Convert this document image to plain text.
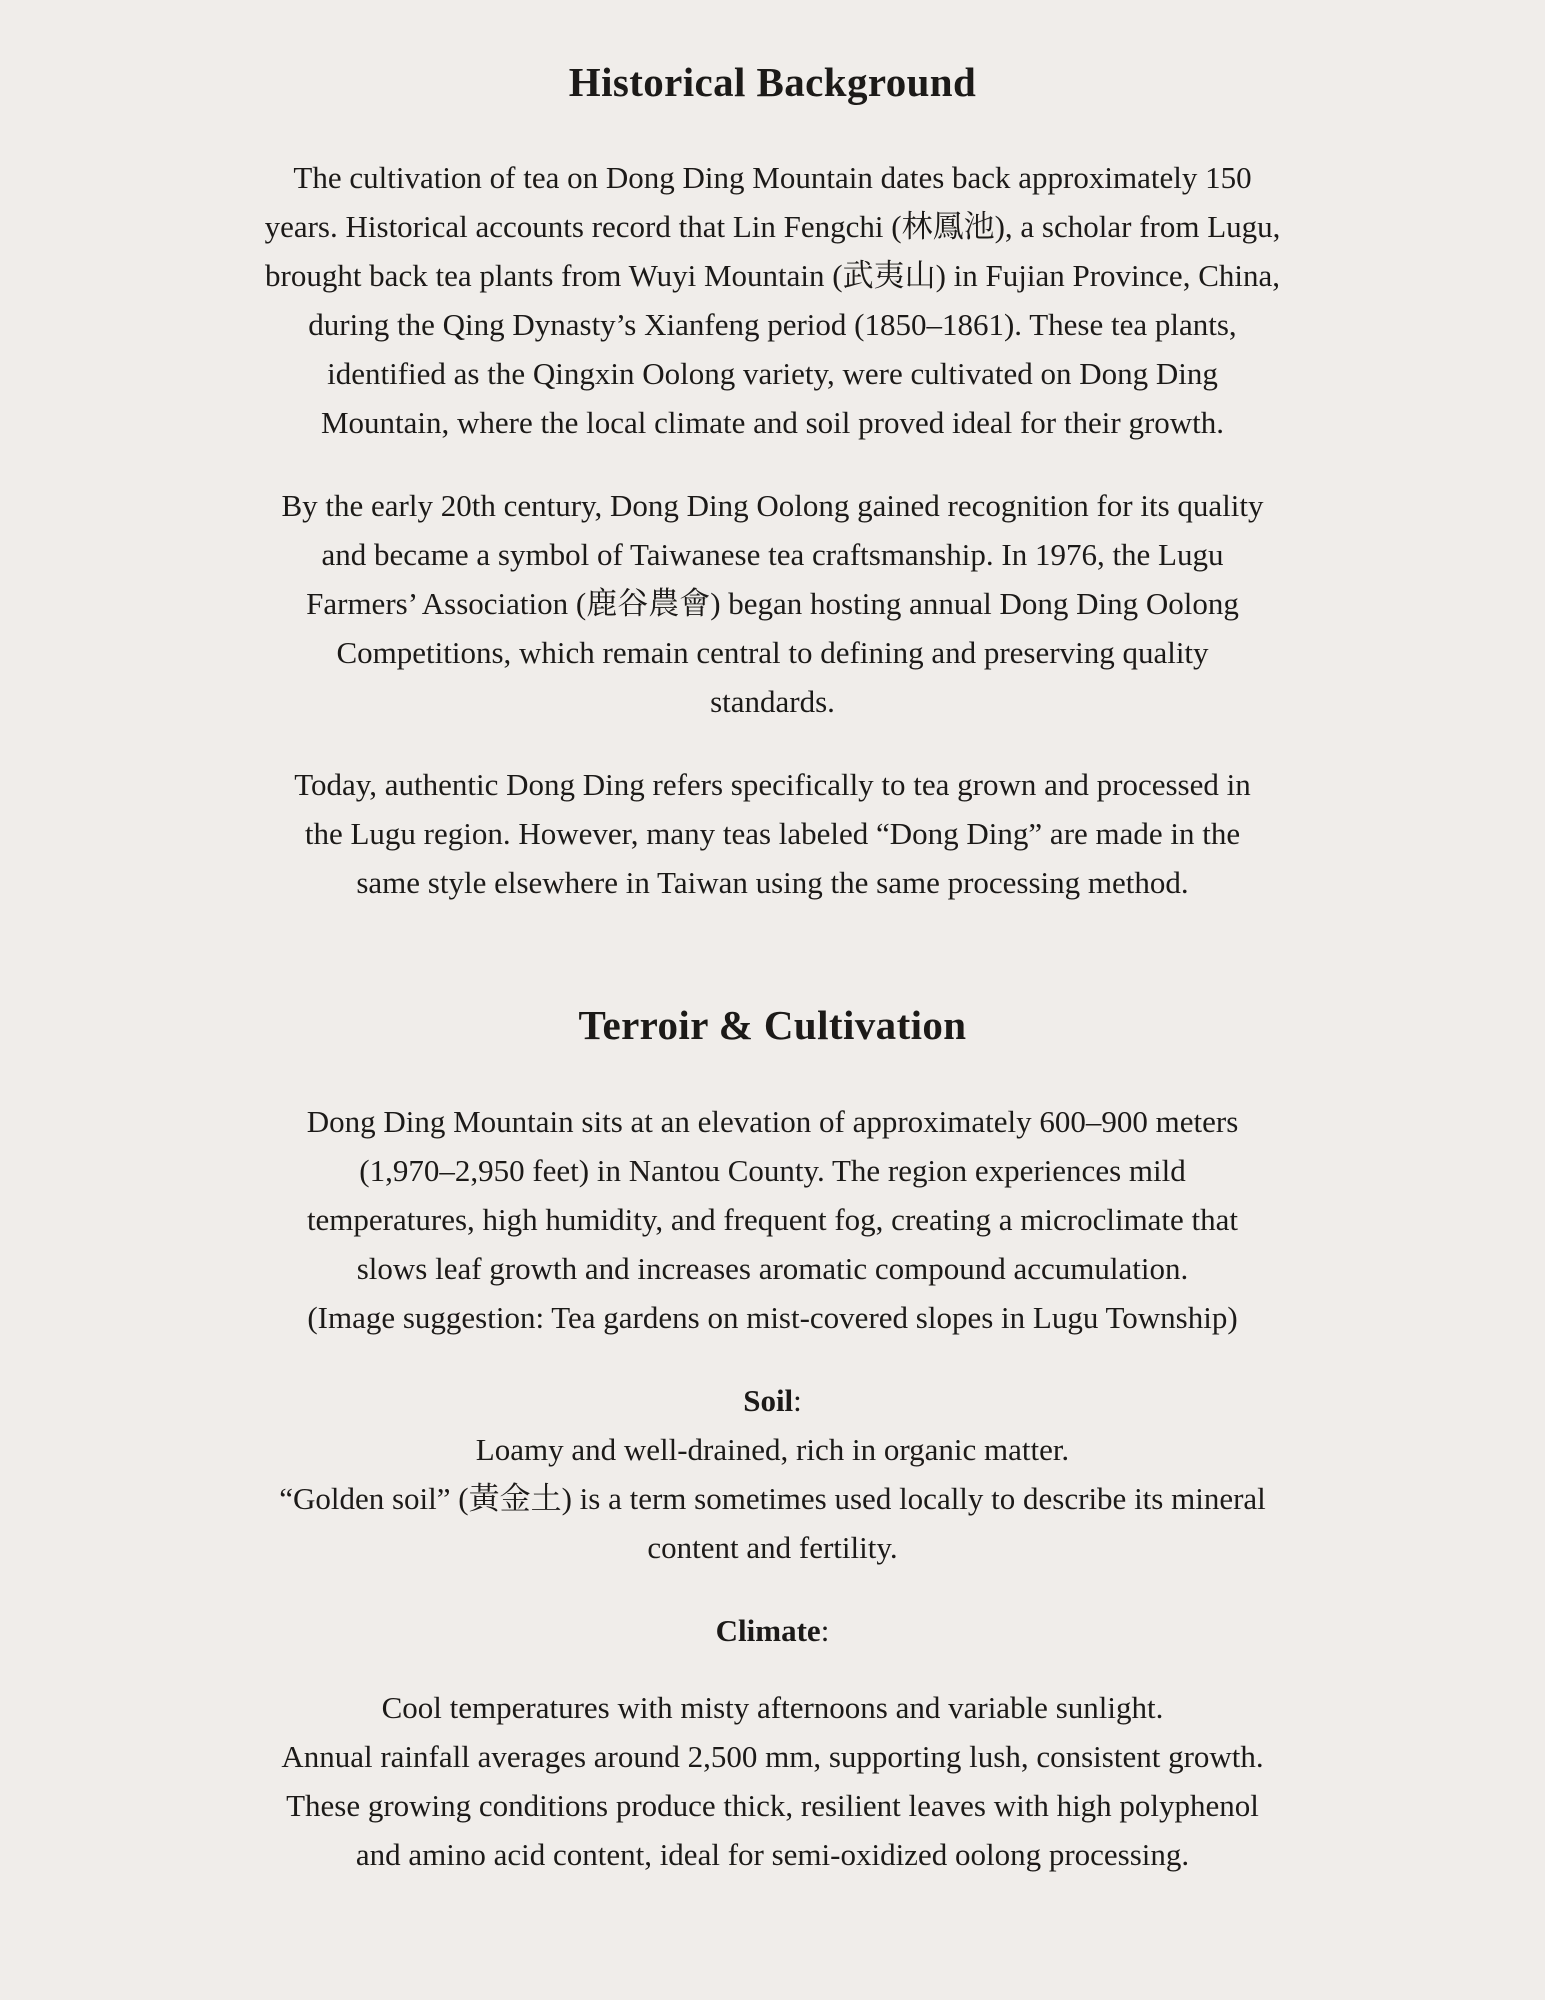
Historical Background

The cultivation of tea on Dong Ding Mountain dates back approximately 150
years. Historical accounts record that Lin Fengchi (林鳳池), a scholar from Lugu,
brought back tea plants from Wuyi Mountain (武夷山) in Fujian Province, China,
during the Qing Dynasty’s Xianfeng period (1850–1861). These tea plants,
identified as the Qingxin Oolong variety, were cultivated on Dong Ding
Mountain, where the local climate and soil proved ideal for their growth.

By the early 20th century, Dong Ding Oolong gained recognition for its quality
and became a symbol of Taiwanese tea craftsmanship. In 1976, the Lugu
Farmers’ Association (鹿谷農會) began hosting annual Dong Ding Oolong
Competitions, which remain central to defining and preserving quality
standards.

Today, authentic Dong Ding refers specifically to tea grown and processed in
the Lugu region. However, many teas labeled “Dong Ding” are made in the
same style elsewhere in Taiwan using the same processing method.

Terroir & Cultivation

Dong Ding Mountain sits at an elevation of approximately 600–900 meters
(1,970–2,950 feet) in Nantou County. The region experiences mild
temperatures, high humidity, and frequent fog, creating a microclimate that
slows leaf growth and increases aromatic compound accumulation.
(Image suggestion: Tea gardens on mist-covered slopes in Lugu Township)

Soil:
Loamy and well-drained, rich in organic matter.
“Golden soil” (黃金土) is a term sometimes used locally to describe its mineral
content and fertility.

Climate:

Cool temperatures with misty afternoons and variable sunlight.
Annual rainfall averages around 2,500 mm, supporting lush, consistent growth.
These growing conditions produce thick, resilient leaves with high polyphenol
and amino acid content, ideal for semi-oxidized oolong processing.
